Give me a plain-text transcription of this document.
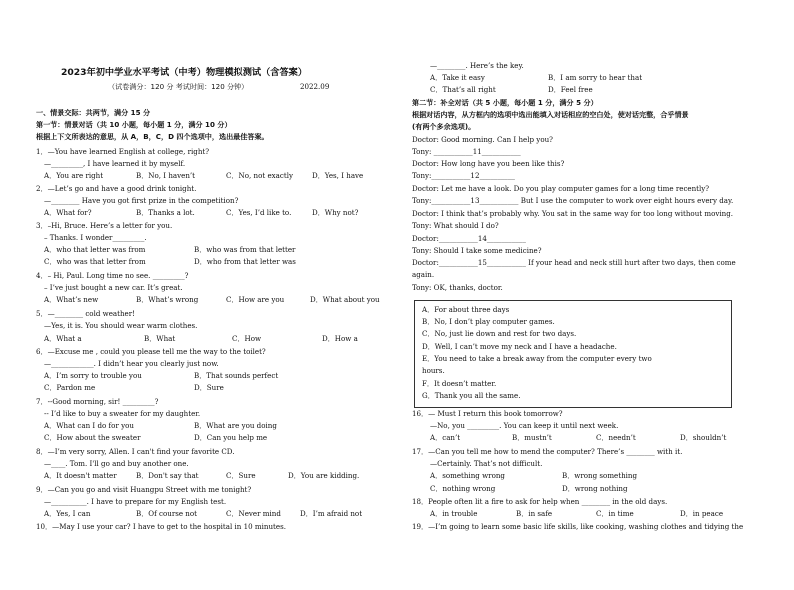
2023年初中学业水平考试（中考）物理模拟测试（含答案）
（试卷满分：120 分 考试时间：120 分钟）	2022.09
一、情景交际：共两节，满分 15 分
第一节：情景对话（共 10 小题，每小题 1 分，满分 10 分）
根据上下文所表达的意思，从 A，B，C，D 四个选项中，选出最佳答案。
1．—You have learned English at college, right?
—_________, I have learned it by myself.
A．You are right	B．No, I haven’t	C．No, not exactly	D．Yes, I have
2．—Let’s go and have a good drink tonight.
—________ Have you got first prize in the competition?
A．What for?	B．Thanks a lot.	C．Yes, I’d like to.	D．Why not?
3．–Hi, Bruce. Here’s a letter for you.
– Thanks. I wonder_________.
A．who that letter was from	B．who was from that letter
C．who was that letter from	D．who from that letter was
4．– Hi, Paul. Long time no see. _________?
– I’ve just bought a new car. It’s great.
A．What’s new	B．What’s wrong	C．How are you	D．What about you
5．—________ cold weather!
—Yes, it is. You should wear warm clothes.
A．What a	B．What	C．How	D．How a
6．—Excuse me , could you please tell me the way to the toilet?
—____________. I didn’t hear you clearly just now.
A．I’m sorry to trouble you	B．That sounds perfect
C．Pardon me	D．Sure
7．--Good morning, sir! _________?
-- I’d like to buy a sweater for my daughter.
A．What can I do for you	B．What are you doing
C．How about the sweater	D．Can you help me
8．—I’m very sorry, Allen. I can't find your favorite CD.
—____. Tom. I'll go and buy another one.
A．It doesn't matter	B．Don't say that	C．Sure	D．You are kidding.
9．—Can you go and visit Huangpu Street with me tonight?
—__________. I have to prepare for my English test.
A．Yes, I can	B．Of course not	C．Never mind	D．I’m afraid not
10．—May I use your car? I have to get to the hospital in 10 minutes.
—________. Here’s the key.
A．Take it easy	B．I am sorry to hear that
C．That’s all right	D．Feel free
第二节：补全对话（共 5 小题，每小题 1 分，满分 5 分）
根据对话内容，从方框内的选项中选出能填入对话相应的空白处，使对话完整，合乎情景
(有两个多余选项)。
Doctor: Good morning. Can I help you?
Tony: ___________11___________
Doctor: How long have you been like this?
Tony:___________12__________
Doctor: Let me have a look. Do you play computer games for a long time recently?
Tony:___________13___________ But I use the computer to work over eight hours every day.
Doctor: I think that’s probably why. You sat in the same way for too long without moving.
Tony: What should I do?
Doctor:___________14___________
Tony: Should I take some medicine?
Doctor:___________15___________ If your head and neck still hurt after two days, then come
again.
Tony: OK, thanks, doctor.
A．For about three days
B．No, I don’t play computer games.
C．No, just lie down and rest for two days.
D．Well, I can’t move my neck and I have a headache.
E．You need to take a break away from the computer every two
hours.
F．It doesn’t matter.
G．Thank you all the same.
16．— Must I return this book tomorrow?
—No, you _________. You can keep it until next week.
A．can’t	B．mustn’t	C．needn’t	D．shouldn’t
17．—Can you tell me how to mend the computer? There’s ________ with it.
—Certainly. That’s not difficult.
A．something wrong	B．wrong something
C．nothing wrong	D．wrong nothing
18．People often lit a fire to ask for help when ________ in the old days.
A．in trouble	B．in safe	C．in time	D．in peace
19．—I’m going to learn some basic life skills, like cooking, washing clothes and tidying the
